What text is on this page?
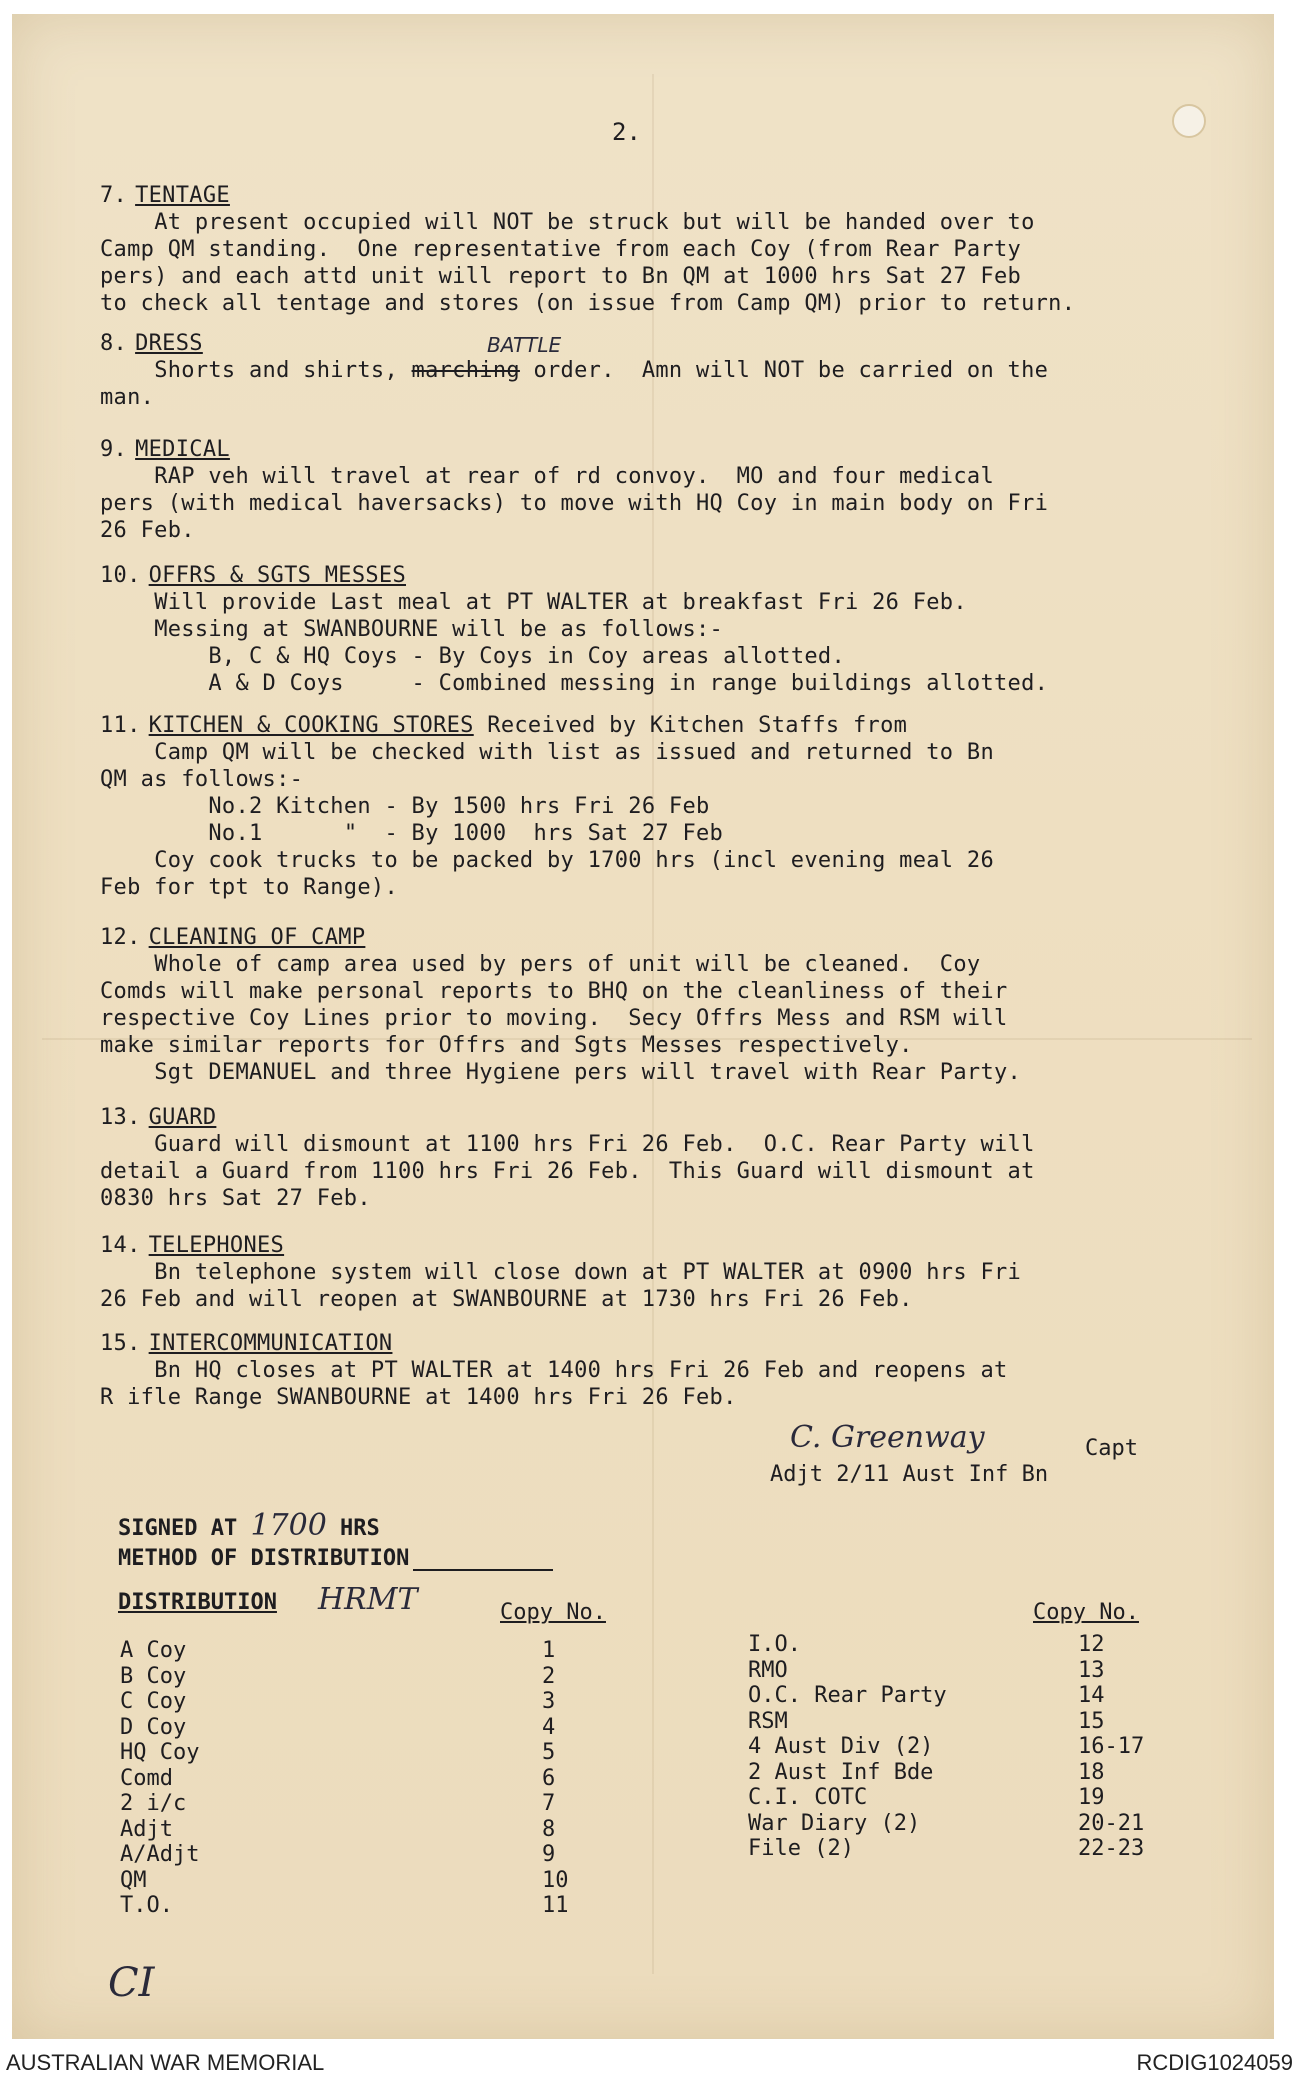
2.
7. TENTAGE

At present occupied will NOT be struck but will be handed over to

Camp QM standing.  One representative from each Coy (from Rear Party

pers) and each attd unit will report to Bn QM at 1000 hrs Sat 27 Feb

to check all tentage and stores (on issue from Camp QM) prior to return.

9. MEDICAL

RAP veh will travel at rear of rd convoy.  MO and four medical

pers (with medical haversacks) to move with HQ Coy in main body on Fri

26 Feb.

10. OFFRS & SGTS MESSES

Will provide Last meal at PT WALTER at breakfast Fri 26 Feb.

Messing at SWANBOURNE will be as follows:-

B, C & HQ Coys - By Coys in Coy areas allotted.

A & D Coys     - Combined messing in range buildings allotted.

11. KITCHEN & COOKING STORES Received by Kitchen Staffs from

Camp QM will be checked with list as issued and returned to Bn

QM as follows:-

No.2 Kitchen - By 1500 hrs Fri 26 Feb

No.1      "  - By 1000  hrs Sat 27 Feb

Coy cook trucks to be packed by 1700 hrs (incl evening meal 26

Feb for tpt to Range).

12. CLEANING OF CAMP

Whole of camp area used by pers of unit will be cleaned.  Coy

Comds will make personal reports to BHQ on the cleanliness of their

respective Coy Lines prior to moving.  Secy Offrs Mess and RSM will

make similar reports for Offrs and Sgts Messes respectively.

Sgt DEMANUEL and three Hygiene pers will travel with Rear Party.

13. GUARD

Guard will dismount at 1100 hrs Fri 26 Feb.  O.C. Rear Party will

detail a Guard from 1100 hrs Fri 26 Feb.  This Guard will dismount at

0830 hrs Sat 27 Feb.

14. TELEPHONES

Bn telephone system will close down at PT WALTER at 0900 hrs Fri

26 Feb and will reopen at SWANBOURNE at 1730 hrs Fri 26 Feb.

15. INTERCOMMUNICATION

Bn HQ closes at PT WALTER at 1400 hrs Fri 26 Feb and reopens at

R ifle Range SWANBOURNE at 1400 hrs Fri 26 Feb.

8. DRESS

Shorts and shirts, marching order.  Amn will NOT be carried on the

man.

BATTLE
C. Greenway	Capt
Adjt 2/11 Aust Inf Bn
SIGNED AT 1700 HRS
METHOD OF DISTRIBUTION
DISTRIBUTION HRMT	Copy No.	Copy No.
A Coy	1
B Coy	2
C Coy	3
D Coy	4
HQ Coy	5
Comd	6
2 i/c	7
Adjt	8
A/Adjt	9
QM	10
T.O.	11
I.O.	12
RMO	13
O.C. Rear Party	14
RSM	15
4 Aust Div (2)	16-17
2 Aust Inf Bde	18
C.I. COTC	19
War Diary (2)	20-21
File (2)	22-23
CI
AUSTRALIAN WAR MEMORIAL	RCDIG1024059
